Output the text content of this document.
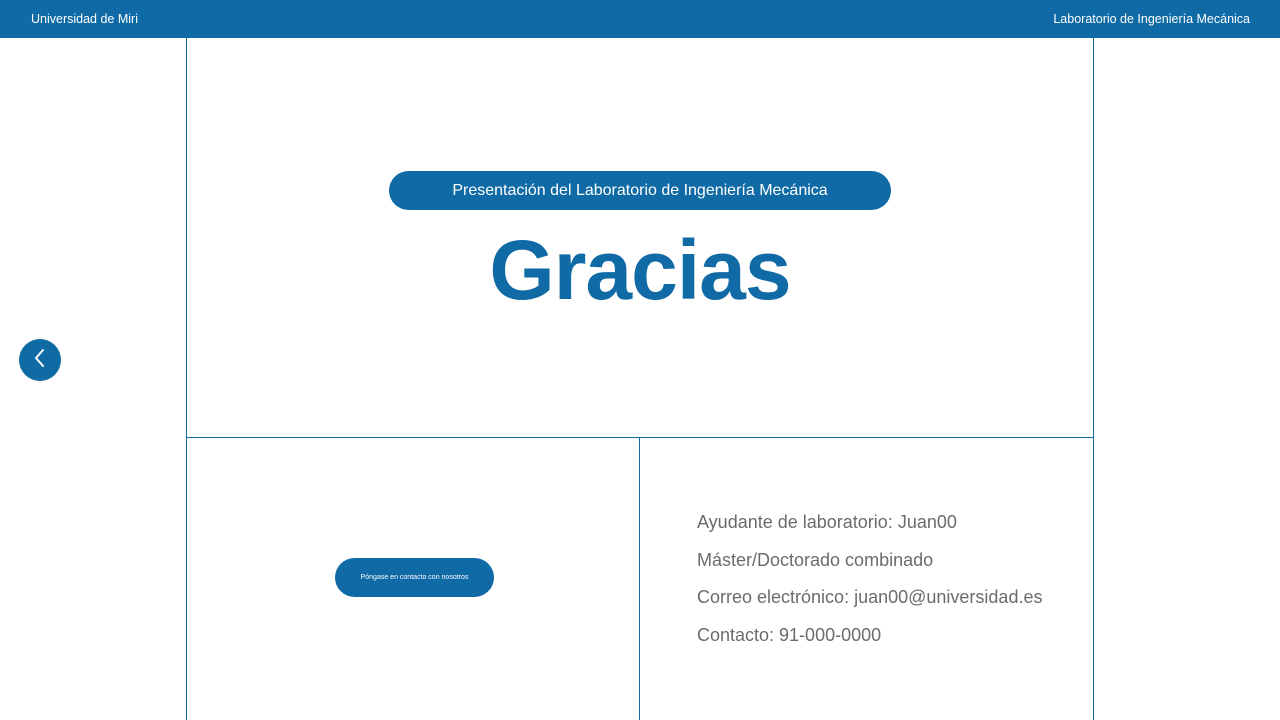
Universidad de Miri	Laboratorio de Ingeniería Mecánica
Presentación del Laboratorio de Ingeniería Mecánica
Gracias
Póngase en contacto con nosotros
Ayudante de laboratorio: Juan00
Máster/Doctorado combinado
Correo electrónico: juan00@universidad.es
Contacto: 91-000-0000
